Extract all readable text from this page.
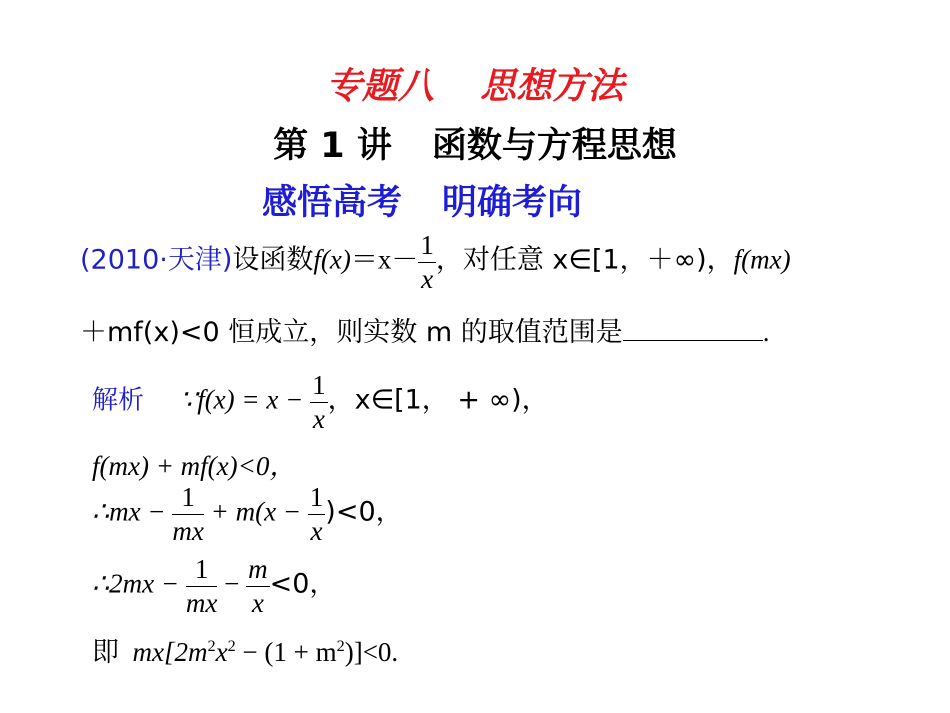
专题八 思想方法
第 1 讲 函数与方程思想
感悟高考 明确考向
(2010·天津)设函数$f(x)=x- \frac{1}{x}$ ，对任意 x∈[1，＋∞)，f(mx)
＋mf(x)<0 恒成立，则实数 m 的取值范围是	.
解析 ∵f(x) = $x - \frac{1}{x}$ ，x∈[1， + ∞)，
f(mx) + mf(x)<0，
∴mx − $\frac{1}{mx} + m(x - \frac{1}{x} )<0$，
∴2mx − $\frac{1}{mx} - \frac{m}{x} <0$，
即 $mx[2m^2x^2 - (1 + m^2)]<0$.
